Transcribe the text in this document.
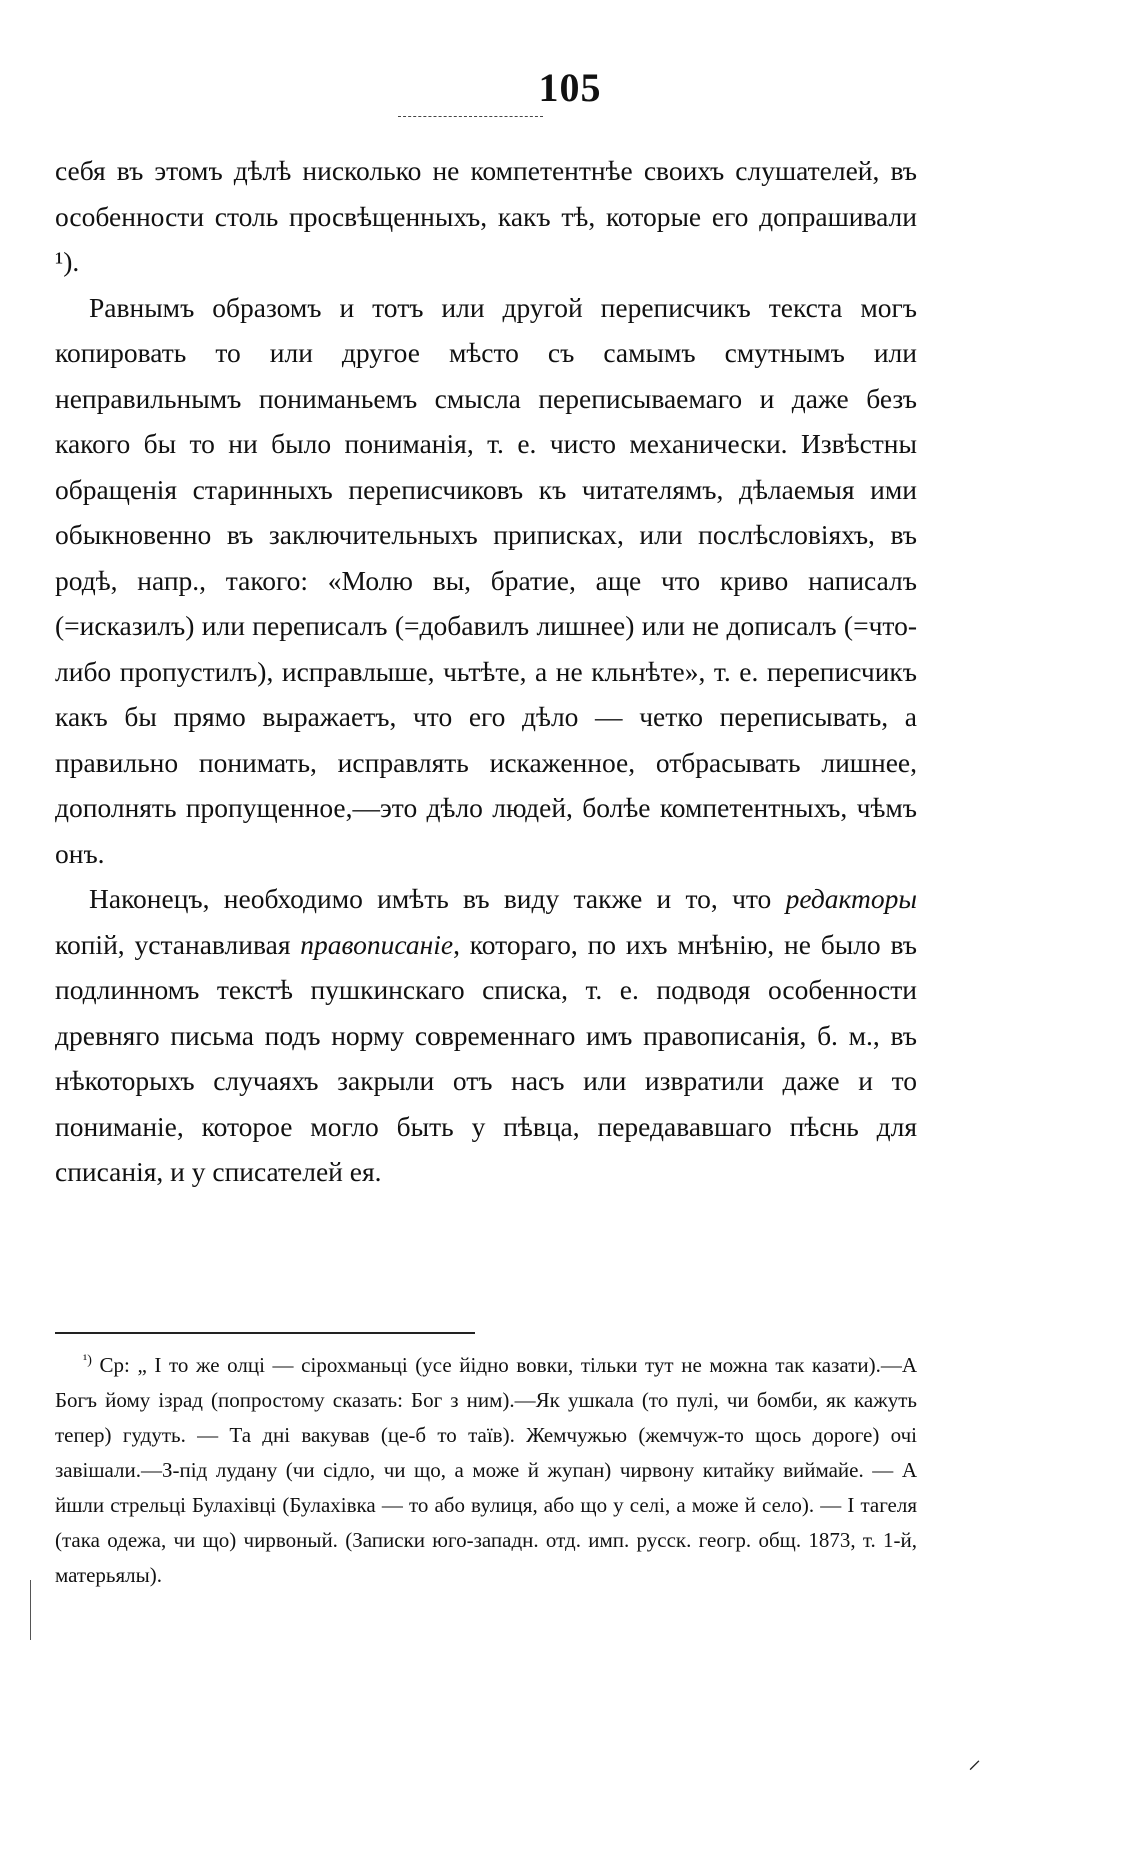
105

себя въ этомъ дѣлѣ нисколько не компетентнѣе своихъ слушателей, въ особенности столь просвѣщенныхъ, какъ тѣ, которые его допрашивали ¹).

Равнымъ образомъ и тотъ или другой переписчикъ текста могъ копировать то или другое мѣсто съ самымъ смутнымъ или неправильнымъ пониманьемъ смысла переписываемаго и даже безъ какого бы то ни было пониманія, т. е. чисто механически. Извѣстны обращенія старинныхъ переписчиковъ къ читателямъ, дѣлаемыя ими обыкновенно въ заключительныхъ приписках, или послѣсловіяхъ, въ родѣ, напр., такого: «Молю вы, братие, аще что криво написалъ (=исказилъ) или переписалъ (=добавилъ лишнее) или не дописалъ (=что-либо пропустилъ), исправлыше, чьтѣте, а не кльнѣте», т. е. переписчикъ какъ бы прямо выражаетъ, что его дѣло — четко переписывать, а правильно понимать, исправлять искаженное, отбрасывать лишнее, дополнять пропущенное,—это дѣло людей, болѣе компетентныхъ, чѣмъ онъ.

Наконецъ, необходимо имѣть въ виду также и то, что редакторы копій, устанавливая правописаніе, котораго, по ихъ мнѣнію, не было въ подлинномъ текстѣ пушкинскаго списка, т. е. подводя особенности древняго письма подъ норму современнаго имъ правописанія, б. м., въ нѣкоторыхъ случаяхъ закрыли отъ насъ или извратили даже и то пониманіе, которое могло быть у пѣвца, передававшаго пѣснь для списанія, и у списателей ея.

$^{^1)}$ Ср: „ І то же олці — сірохманьці (усе йідно вовки, тільки тут не можна так казати).—А Богъ йому ізрад (попростому сказать: Бог з ним).—Як ушкала (то пулі, чи бомби, як кажуть тепер) гудуть. — Та дні вакував (це-б то таїв). Жемчужью (жемчуж-то щось дороге) очі завішали.—З-під лудану (чи сідло, чи що, а може й жупан) чирвону китайку виймайе. — А йшли стрельці Булахівці (Булахівка — то або вулиця, або що у селі, а може й село). — І тагеля (така одежа, чи що) чирвоный. (Записки юго-западн. отд. имп. русск. геогр. общ. 1873, т. 1-й, матерьялы).

⸝
